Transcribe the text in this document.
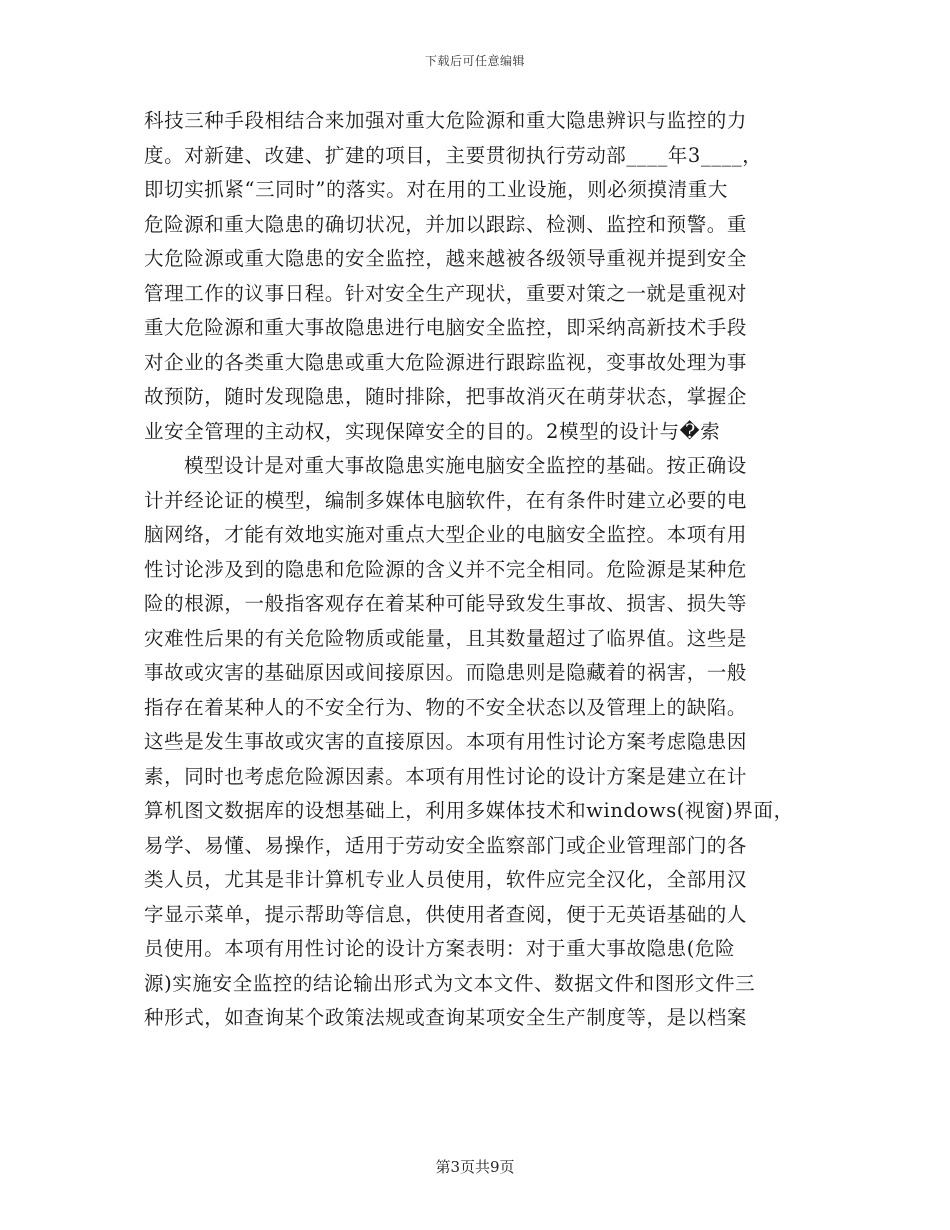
下载后可任意编辑
科技三种手段相结合来加强对重大危险源和重大隐患辨识与监控的力
度。对新建、改建、扩建的项目，主要贯彻执行劳动部____年3____，
即切实抓紧“三同时”的落实。对在用的工业设施，则必须摸清重大
危险源和重大隐患的确切状况，并加以跟踪、检测、监控和预警。重
大危险源或重大隐患的安全监控，越来越被各级领导重视并提到安全
管理工作的议事日程。针对安全生产现状，重要对策之一就是重视对
重大危险源和重大事故隐患进行电脑安全监控，即采纳高新技术手段
对企业的各类重大隐患或重大危险源进行跟踪监视，变事故处理为事
故预防，随时发现隐患，随时排除，把事故消灭在萌芽状态，掌握企
业安全管理的主动权，实现保障安全的目的。2模型的设计与�索
模型设计是对重大事故隐患实施电脑安全监控的基础。按正确设
计并经论证的模型，编制多媒体电脑软件，在有条件时建立必要的电
脑网络，才能有效地实施对重点大型企业的电脑安全监控。本项有用
性讨论涉及到的隐患和危险源的含义并不完全相同。危险源是某种危
险的根源，一般指客观存在着某种可能导致发生事故、损害、损失等
灾难性后果的有关危险物质或能量，且其数量超过了临界值。这些是
事故或灾害的基础原因或间接原因。而隐患则是隐藏着的祸害，一般
指存在着某种人的不安全行为、物的不安全状态以及管理上的缺陷。
这些是发生事故或灾害的直接原因。本项有用性讨论方案考虑隐患因
素，同时也考虑危险源因素。本项有用性讨论的设计方案是建立在计
算机图文数据库的设想基础上，利用多媒体技术和windows(视窗)界面，
易学、易懂、易操作，适用于劳动安全监察部门或企业管理部门的各
类人员，尤其是非计算机专业人员使用，软件应完全汉化，全部用汉
字显示菜单，提示帮助等信息，供使用者查阅，便于无英语基础的人
员使用。本项有用性讨论的设计方案表明：对于重大事故隐患(危险
源)实施安全监控的结论输出形式为文本文件、数据文件和图形文件三
种形式，如查询某个政策法规或查询某项安全生产制度等，是以档案
第3页共9页
